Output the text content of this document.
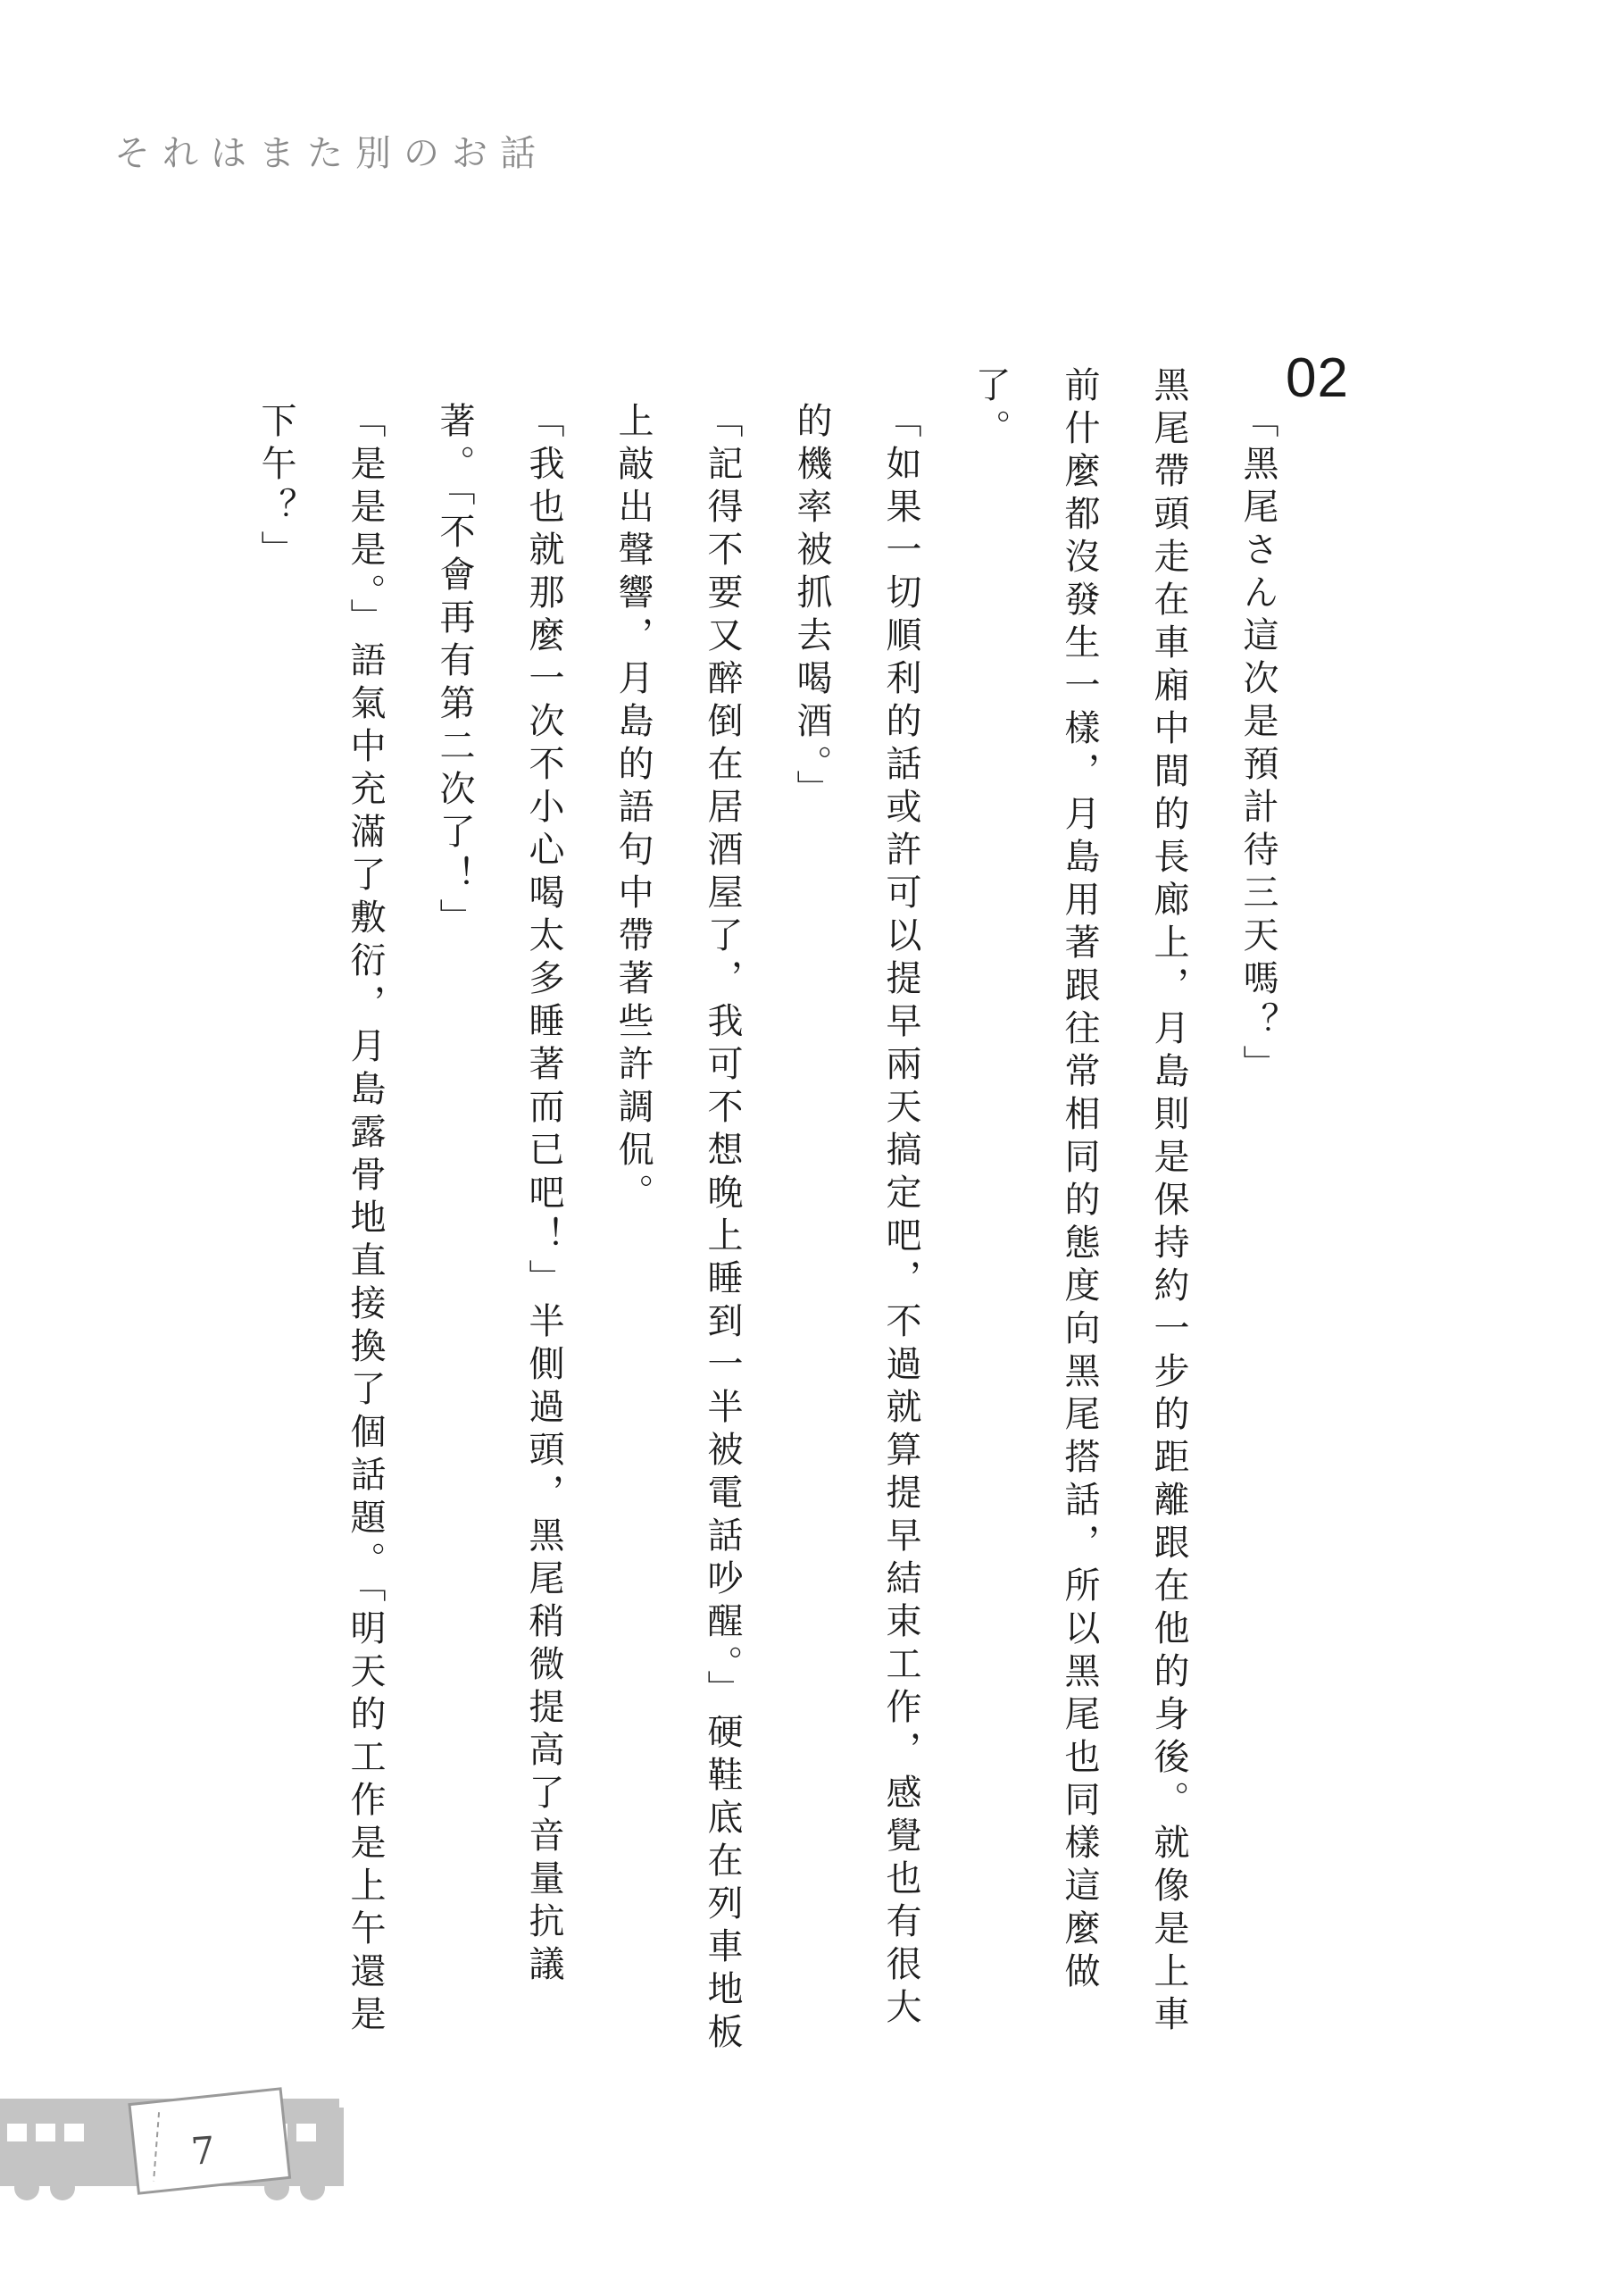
それはまた別のお話
02

「黑尾さん這次是預計待三天嗎？」

黑尾帶頭走在車廂中間的長廊上，月島則是保持約一步的距離跟在他的身後。就像是上車前什麼都沒發生一樣，月島用著跟往常相同的態度向黑尾搭話，所以黑尾也同樣這麼做了。

「如果一切順利的話或許可以提早兩天搞定吧，不過就算提早結束工作，感覺也有很大的機率被抓去喝酒。」

「記得不要又醉倒在居酒屋了，我可不想晚上睡到一半被電話吵醒。」硬鞋底在列車地板上敲出聲響，月島的語句中帶著些許調侃。

「我也就那麼一次不小心喝太多睡著而已吧！」半側過頭，黑尾稍微提高了音量抗議著。「不會再有第二次了！」

「是是是。」語氣中充滿了敷衍，月島露骨地直接換了個話題。「明天的工作是上午還是下午？」

7
